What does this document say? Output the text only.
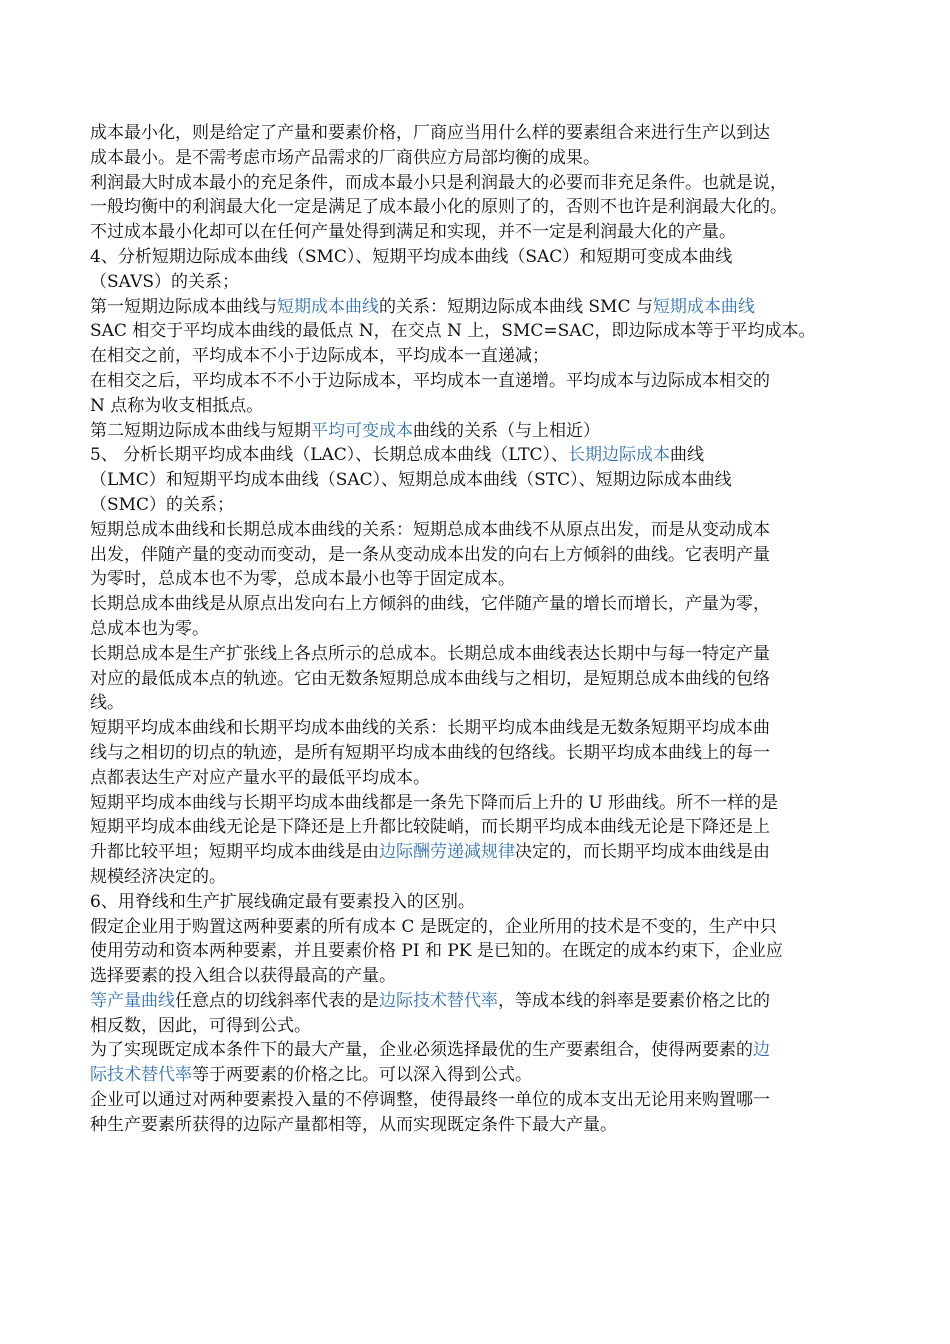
成本最小化，则是给定了产量和要素价格，厂商应当用什么样的要素组合来进行生产以到达
成本最小。是不需考虑市场产品需求的厂商供应方局部均衡的成果。
利润最大时成本最小的充足条件，而成本最小只是利润最大的必要而非充足条件。也就是说，
一般均衡中的利润最大化一定是满足了成本最小化的原则了的，否则不也许是利润最大化的。
不过成本最小化却可以在任何产量处得到满足和实现，并不一定是利润最大化的产量。
4、分析短期边际成本曲线（SMC）、短期平均成本曲线（SAC）和短期可变成本曲线
（SAVS）的关系；
第一短期边际成本曲线与短期成本曲线的关系：短期边际成本曲线 SMC 与短期成本曲线
SAC 相交于平均成本曲线的最低点 N，在交点 N 上，SMC=SAC，即边际成本等于平均成本。
在相交之前，平均成本不小于边际成本，平均成本一直递减；
在相交之后，平均成本不不小于边际成本，平均成本一直递增。平均成本与边际成本相交的
N 点称为收支相抵点。
第二短期边际成本曲线与短期平均可变成本曲线的关系（与上相近）
5、 分析长期平均成本曲线（LAC）、长期总成本曲线（LTC）、长期边际成本曲线
（LMC）和短期平均成本曲线（SAC）、短期总成本曲线（STC）、短期边际成本曲线
（SMC）的关系；
短期总成本曲线和长期总成本曲线的关系：短期总成本曲线不从原点出发，而是从变动成本
出发，伴随产量的变动而变动，是一条从变动成本出发的向右上方倾斜的曲线。它表明产量
为零时，总成本也不为零，总成本最小也等于固定成本。
长期总成本曲线是从原点出发向右上方倾斜的曲线，它伴随产量的增长而增长，产量为零，
总成本也为零。
长期总成本是生产扩张线上各点所示的总成本。长期总成本曲线表达长期中与每一特定产量
对应的最低成本点的轨迹。它由无数条短期总成本曲线与之相切，是短期总成本曲线的包络
线。
短期平均成本曲线和长期平均成本曲线的关系：长期平均成本曲线是无数条短期平均成本曲
线与之相切的切点的轨迹，是所有短期平均成本曲线的包络线。长期平均成本曲线上的每一
点都表达生产对应产量水平的最低平均成本。
短期平均成本曲线与长期平均成本曲线都是一条先下降而后上升的 U 形曲线。所不一样的是
短期平均成本曲线无论是下降还是上升都比较陡峭，而长期平均成本曲线无论是下降还是上
升都比较平坦；短期平均成本曲线是由边际酬劳递减规律决定的，而长期平均成本曲线是由
规模经济决定的。
6、用脊线和生产扩展线确定最有要素投入的区别。
假定企业用于购置这两种要素的所有成本 C 是既定的，企业所用的技术是不变的，生产中只
使用劳动和资本两种要素，并且要素价格 PI 和 PK 是已知的。在既定的成本约束下，企业应
选择要素的投入组合以获得最高的产量。
等产量曲线任意点的切线斜率代表的是边际技术替代率，等成本线的斜率是要素价格之比的
相反数，因此，可得到公式。
为了实现既定成本条件下的最大产量，企业必须选择最优的生产要素组合，使得两要素的边
际技术替代率等于两要素的价格之比。可以深入得到公式。
企业可以通过对两种要素投入量的不停调整，使得最终一单位的成本支出无论用来购置哪一
种生产要素所获得的边际产量都相等，从而实现既定条件下最大产量。
